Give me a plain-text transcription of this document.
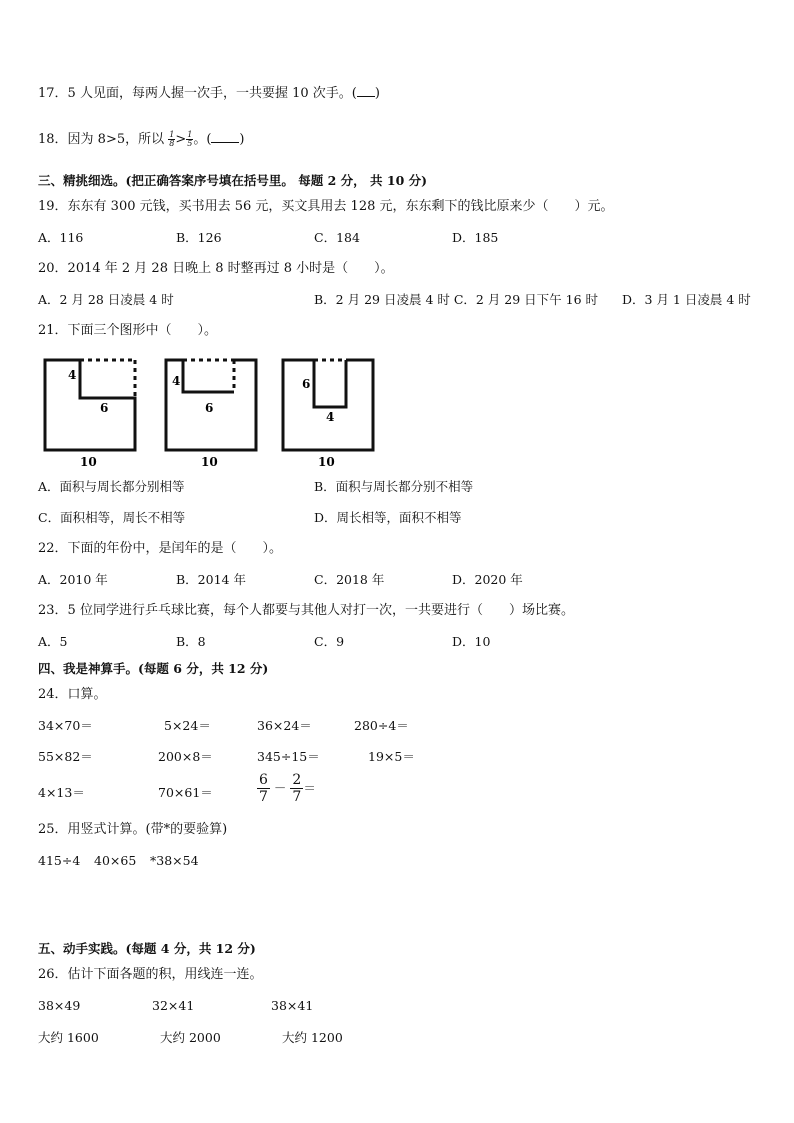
17．5 人见面，每两人握一次手，一共要握 10 次手。( )
18．因为 8>5，所以 $\frac{1}{8} > \frac{1}{5}$ 。( )
三、精挑细选。(把正确答案序号填在括号里。 每题 2 分， 共 10 分)
19．东东有 300 元钱，买书用去 56 元，买文具用去 128 元，东东剩下的钱比原来少（　　）元。
A．116	B．126	C．184	D．185
20．2014 年 2 月 28 日晚上 8 时整再过 8 小时是（　　）。
A．2 月 28 日凌晨 4 时	B．2 月 29 日凌晨 4 时 C．2 月 29 日下午 16 时 D．3 月 1 日凌晨 4 时
21．下面三个图形中（　　）。
4
6
10
4
6
10
6
4
10
A．面积与周长都分别相等	B．面积与周长都分别不相等
C．面积相等，周长不相等	D．周长相等，面积不相等
22．下面的年份中，是闰年的是（　　）。
A．2010 年	B．2014 年	C．2018 年	D．2020 年
23．5 位同学进行乒乓球比赛，每个人都要与其他人对打一次，一共要进行（　　）场比赛。
A．5	B．8	C．9	D．10
四、我是神算手。(每题 6 分，共 12 分)
24．口算。
34×70＝	5×24＝	36×24＝	280÷4＝
55×82＝	200×8＝	345÷15＝	19×5＝
4×13＝	70×61＝	$\frac{6}{7} - \frac{2}{7}$ ＝
25．用竖式计算。(带*的要验算)
415÷4 40×65 *38×54
五、动手实践。(每题 4 分，共 12 分)
26．估计下面各题的积，用线连一连。
38×49	32×41	38×41
大约 1600	大约 2000	大约 1200
